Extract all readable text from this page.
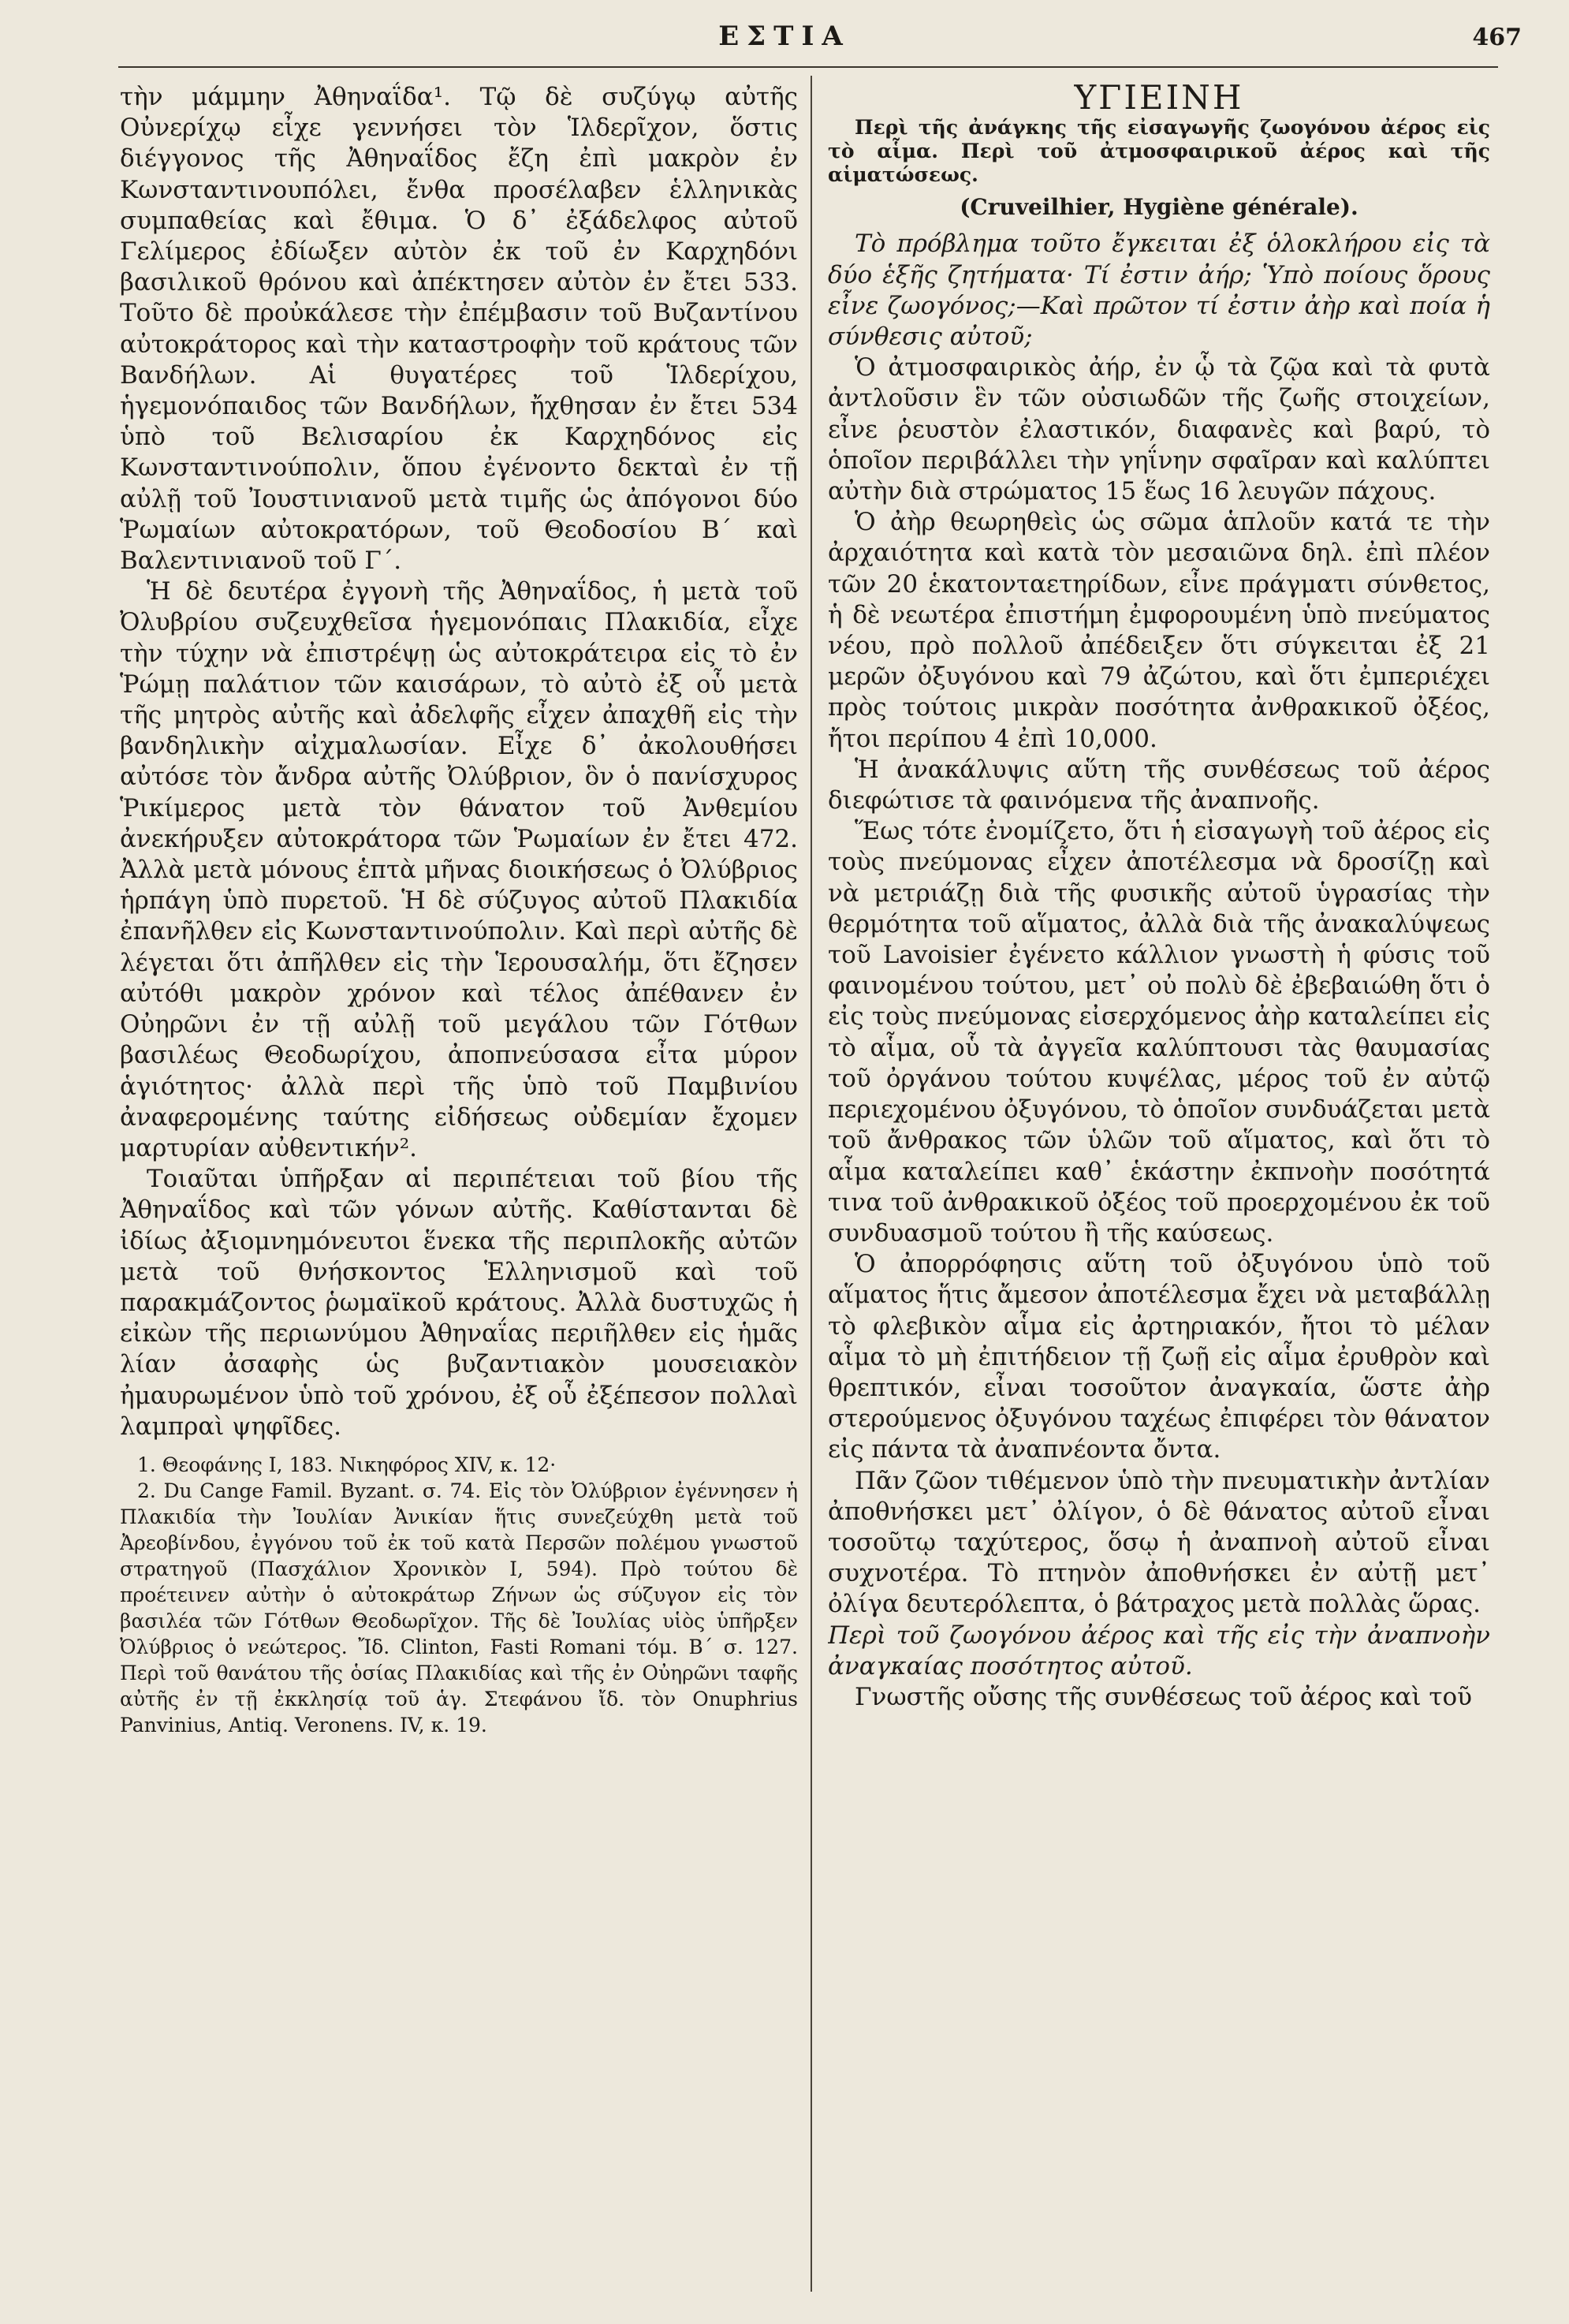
ΕΣΤΙΑ	467

τὴν μάμμην Ἀθηναΐδα¹. Τῷ δὲ συζύγῳ αὐτῆς Οὐνερίχῳ εἶχε γεννήσει τὸν Ἱλδερῖχον, ὅστις διέγγονος τῆς Ἀθηναΐδος ἔζη ἐπὶ μακρὸν ἐν Κωνσταντινουπόλει, ἔνθα προσέλαβεν ἑλληνικὰς συμπαθείας καὶ ἔθιμα. Ὁ δ᾽ ἐξάδελφος αὐτοῦ Γελίμερος ἐδίωξεν αὐτὸν ἐκ τοῦ ἐν Καρχηδόνι βασιλικοῦ θρόνου καὶ ἀπέκτησεν αὐτὸν ἐν ἔτει 533. Τοῦτο δὲ προὐκάλεσε τὴν ἐπέμβασιν τοῦ Βυζαντίνου αὐτοκράτορος καὶ τὴν καταστροφὴν τοῦ κράτους τῶν Βανδήλων. Αἱ θυγατέρες τοῦ Ἱλδερίχου, ἡγεμονόπαιδος τῶν Βανδήλων, ἤχθησαν ἐν ἔτει 534 ὑπὸ τοῦ Βελισαρίου ἐκ Καρχηδόνος εἰς Κωνσταντινούπολιν, ὅπου ἐγένοντο δεκταὶ ἐν τῇ αὐλῇ τοῦ Ἰουστινιανοῦ μετὰ τιμῆς ὡς ἀπόγονοι δύο Ῥωμαίων αὐτοκρατόρων, τοῦ Θεοδοσίου Β´ καὶ Βαλεντινιανοῦ τοῦ Γ´.

Ἡ δὲ δευτέρα ἐγγονὴ τῆς Ἀθηναΐδος, ἡ μετὰ τοῦ Ὀλυβρίου συζευχθεῖσα ἡγεμονόπαις Πλακιδία, εἶχε τὴν τύχην νὰ ἐπιστρέψῃ ὡς αὐτοκράτειρα εἰς τὸ ἐν Ῥώμῃ παλάτιον τῶν καισάρων, τὸ αὐτὸ ἐξ οὗ μετὰ τῆς μητρὸς αὐτῆς καὶ ἀδελφῆς εἶχεν ἀπαχθῆ εἰς τὴν βανδηλικὴν αἰχμαλωσίαν. Εἶχε δ᾽ ἀκολουθήσει αὐτόσε τὸν ἄνδρα αὐτῆς Ὀλύβριον, ὃν ὁ πανίσχυρος Ῥικίμερος μετὰ τὸν θάνατον τοῦ Ἀνθεμίου ἀνεκήρυξεν αὐτοκράτορα τῶν Ῥωμαίων ἐν ἔτει 472. Ἀλλὰ μετὰ μόνους ἑπτὰ μῆνας διοικήσεως ὁ Ὀλύβριος ἡρπάγη ὑπὸ πυρετοῦ. Ἡ δὲ σύζυγος αὐτοῦ Πλακιδία ἐπανῆλθεν εἰς Κωνσταντινούπολιν. Καὶ περὶ αὐτῆς δὲ λέγεται ὅτι ἀπῆλθεν εἰς τὴν Ἱερουσαλήμ, ὅτι ἔζησεν αὐτόθι μακρὸν χρόνον καὶ τέλος ἀπέθανεν ἐν Οὐηρῶνι ἐν τῇ αὐλῇ τοῦ μεγάλου τῶν Γότθων βασιλέως Θεοδωρίχου, ἀποπνεύσασα εἶτα μύρον ἁγιότητος· ἀλλὰ περὶ τῆς ὑπὸ τοῦ Παμβινίου ἀναφερομένης ταύτης εἰδήσεως οὐδεμίαν ἔχομεν μαρτυρίαν αὐθεντικήν².

Τοιαῦται ὑπῆρξαν αἱ περιπέτειαι τοῦ βίου τῆς Ἀθηναΐδος καὶ τῶν γόνων αὐτῆς. Καθίστανται δὲ ἰδίως ἀξιομνημόνευτοι ἕνεκα τῆς περιπλοκῆς αὐτῶν μετὰ τοῦ θνήσκοντος Ἑλληνισμοῦ καὶ τοῦ παρακμάζοντος ῥωμαϊκοῦ κράτους. Ἀλλὰ δυστυχῶς ἡ εἰκὼν τῆς περιωνύμου Ἀθηναΐας περιῆλθεν εἰς ἡμᾶς λίαν ἀσαφὴς ὡς βυζαντιακὸν μουσειακὸν ἠμαυρωμένον ὑπὸ τοῦ χρόνου, ἐξ οὗ ἐξέπεσον πολλαὶ λαμπραὶ ψηφῖδες.

1. Θεοφάνης I, 183. Νικηφόρος XIV, κ. 12·

2. Du Cange Famil. Byzant. σ. 74. Εἰς τὸν Ὀλύβριον ἐγέννησεν ἡ Πλακιδία τὴν Ἰουλίαν Ἀνικίαν ἥτις συνεζεύχθη μετὰ τοῦ Ἀρεοβίνδου, ἐγγόνου τοῦ ἐκ τοῦ κατὰ Περσῶν πολέμου γνωστοῦ στρατηγοῦ (Πασχάλιον Χρονικὸν I, 594). Πρὸ τούτου δὲ προέτεινεν αὐτὴν ὁ αὐτοκράτωρ Ζήνων ὡς σύζυγον εἰς τὸν βασιλέα τῶν Γότθων Θεοδωρῖχον. Τῆς δὲ Ἰουλίας υἱὸς ὑπῆρξεν Ὀλύβριος ὁ νεώτερος. Ἴδ. Clinton, Fasti Romani τόμ. Β´ σ. 127. Περὶ τοῦ θανάτου τῆς ὁσίας Πλακιδίας καὶ τῆς ἐν Οὐηρῶνι ταφῆς αὐτῆς ἐν τῇ ἐκκλησίᾳ τοῦ ἁγ. Στεφάνου ἴδ. τὸν Onuphrius Panvinius, Antiq. Veronens. IV, κ. 19.

ΥΓΙΕΙΝΗ

Περὶ τῆς ἀνάγκης τῆς εἰσαγωγῆς ζωογόνου ἀέρος εἰς τὸ αἷμα. Περὶ τοῦ ἀτμοσφαιρικοῦ ἀέρος καὶ τῆς αἱματώσεως.

(Cruveilhier, Hygiène générale).

Τὸ πρόβλημα τοῦτο ἔγκειται ἐξ ὁλοκλήρου εἰς τὰ δύο ἑξῆς ζητήματα· Τί ἐστιν ἀήρ; Ὑπὸ ποίους ὅρους εἶνε ζωογόνος;—Καὶ πρῶτον τί ἐστιν ἀὴρ καὶ ποία ἡ σύνθεσις αὐτοῦ;

Ὁ ἀτμοσφαιρικὸς ἀήρ, ἐν ᾧ τὰ ζῷα καὶ τὰ φυτὰ ἀντλοῦσιν ἓν τῶν οὐσιωδῶν τῆς ζωῆς στοιχείων, εἶνε ῥευστὸν ἐλαστικόν, διαφανὲς καὶ βαρύ, τὸ ὁποῖον περιβάλλει τὴν γηΐνην σφαῖραν καὶ καλύπτει αὐτὴν διὰ στρώματος 15 ἕως 16 λευγῶν πάχους.

Ὁ ἀὴρ θεωρηθεὶς ὡς σῶμα ἁπλοῦν κατά τε τὴν ἀρχαιότητα καὶ κατὰ τὸν μεσαιῶνα δηλ. ἐπὶ πλέον τῶν 20 ἑκατονταετηρίδων, εἶνε πράγματι σύνθετος, ἡ δὲ νεωτέρα ἐπιστήμη ἐμφορουμένη ὑπὸ πνεύματος νέου, πρὸ πολλοῦ ἀπέδειξεν ὅτι σύγκειται ἐξ 21 μερῶν ὀξυγόνου καὶ 79 ἀζώτου, καὶ ὅτι ἐμπεριέχει πρὸς τούτοις μικρὰν ποσότητα ἀνθρακικοῦ ὀξέος, ἤτοι περίπου 4 ἐπὶ 10,000.

Ἡ ἀνακάλυψις αὕτη τῆς συνθέσεως τοῦ ἀέρος διεφώτισε τὰ φαινόμενα τῆς ἀναπνοῆς.

Ἕως τότε ἐνομίζετο, ὅτι ἡ εἰσαγωγὴ τοῦ ἀέρος εἰς τοὺς πνεύμονας εἶχεν ἀποτέλεσμα νὰ δροσίζῃ καὶ νὰ μετριάζῃ διὰ τῆς φυσικῆς αὐτοῦ ὑγρασίας τὴν θερμότητα τοῦ αἵματος, ἀλλὰ διὰ τῆς ἀνακαλύψεως τοῦ Lavoisier ἐγένετο κάλλιον γνωστὴ ἡ φύσις τοῦ φαινομένου τούτου, μετ᾽ οὐ πολὺ δὲ ἐβεβαιώθη ὅτι ὁ εἰς τοὺς πνεύμονας εἰσερχόμενος ἀὴρ καταλείπει εἰς τὸ αἷμα, οὗ τὰ ἀγγεῖα καλύπτουσι τὰς θαυμασίας τοῦ ὀργάνου τούτου κυψέλας, μέρος τοῦ ἐν αὐτῷ περιεχομένου ὀξυγόνου, τὸ ὁποῖον συνδυάζεται μετὰ τοῦ ἄνθρακος τῶν ὑλῶν τοῦ αἵματος, καὶ ὅτι τὸ αἷμα καταλείπει καθ᾽ ἑκάστην ἐκπνοὴν ποσότητά τινα τοῦ ἀνθρακικοῦ ὀξέος τοῦ προερχομένου ἐκ τοῦ συνδυασμοῦ τούτου ἢ τῆς καύσεως.

Ὁ ἀπορρόφησις αὕτη τοῦ ὀξυγόνου ὑπὸ τοῦ αἵματος ἥτις ἄμεσον ἀποτέλεσμα ἔχει νὰ μεταβάλλῃ τὸ φλεβικὸν αἷμα εἰς ἀρτηριακόν, ἤτοι τὸ μέλαν αἷμα τὸ μὴ ἐπιτήδειον τῇ ζωῇ εἰς αἷμα ἐρυθρὸν καὶ θρεπτικόν, εἶναι τοσοῦτον ἀναγκαία, ὥστε ἀὴρ στερούμενος ὀξυγόνου ταχέως ἐπιφέρει τὸν θάνατον εἰς πάντα τὰ ἀναπνέοντα ὄντα.

Πᾶν ζῶον τιθέμενον ὑπὸ τὴν πνευματικὴν ἀντλίαν ἀποθνήσκει μετ᾽ ὀλίγον, ὁ δὲ θάνατος αὐτοῦ εἶναι τοσοῦτῳ ταχύτερος, ὅσῳ ἡ ἀναπνοὴ αὐτοῦ εἶναι συχνοτέρα. Τὸ πτηνὸν ἀποθνήσκει ἐν αὐτῇ μετ᾽ ὀλίγα δευτερόλεπτα, ὁ βάτραχος μετὰ πολλὰς ὥρας.

Περὶ τοῦ ζωογόνου ἀέρος καὶ τῆς εἰς τὴν ἀναπνοὴν ἀναγκαίας ποσότητος αὐτοῦ.

Γνωστῆς οὔσης τῆς συνθέσεως τοῦ ἀέρος καὶ τοῦ
